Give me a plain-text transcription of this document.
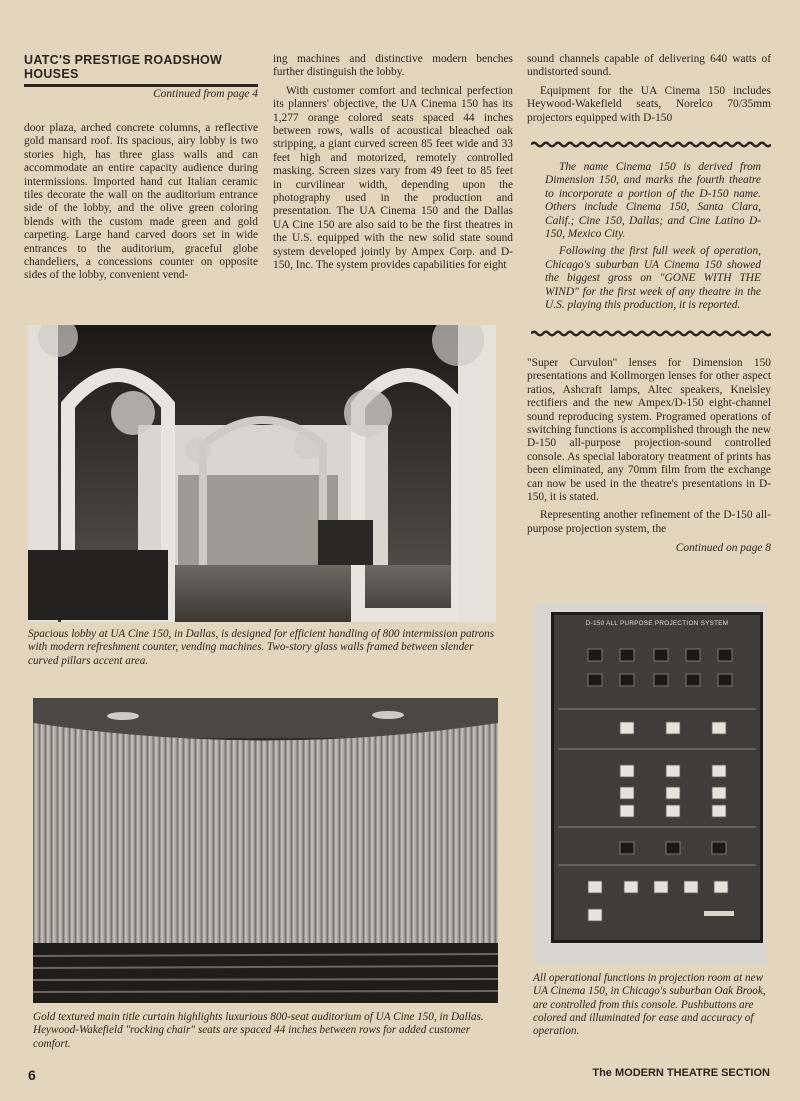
UATC'S PRESTIGE ROADSHOW HOUSES
Continued from page 4

door plaza, arched concrete columns, a reflective gold mansard roof. Its spacious, airy lobby is two stories high, has three glass walls and can accommodate an entire capacity audience during intermissions. Imported hand cut Italian ceramic tiles decorate the wall on the auditorium entrance side of the lobby, and the olive green coloring blends with the custom made green and gold carpeting. Large hand carved doors set in wide entrances to the auditorium, graceful globe chandeliers, a concessions counter on opposite sides of the lobby, convenient vend-

ing machines and distinctive modern benches further distinguish the lobby.

With customer comfort and technical perfection its planners' objective, the UA Cinema 150 has its 1,277 orange colored seats spaced 44 inches between rows, walls of acoustical bleached oak stripping, a giant curved screen 85 feet wide and 33 feet high and motorized, remotely controlled masking. Screen sizes vary from 49 feet to 85 feet in curvilinear width, depending upon the photography used in the production and presentation. The UA Cinema 150 and the Dallas UA Cine 150 are also said to be the first theatres in the U.S. equipped with the new solid state sound system developed jointly by Ampex Corp. and D-150, Inc. The system provides capabilities for eight

sound channels capable of delivering 640 watts of undistorted sound.

Equipment for the UA Cinema 150 includes Heywood-Wakefield seats, Norelco 70/35mm projectors equipped with D-150

The name Cinema 150 is derived from Dimension 150, and marks the fourth theatre to incorporate a portion of the D-150 name. Others include Cinema 150, Santa Clara, Calif.; Cine 150, Dallas; and Cine Latino D-150, Mexico City.

Following the first full week of operation, Chicago's suburban UA Cinema 150 showed the biggest gross on "GONE WITH THE WIND" for the first week of any theatre in the U.S. playing this production, it is reported.

"Super Curvulon" lenses for Dimension 150 presentations and Kollmorgen lenses for other aspect ratios, Ashcraft lamps, Altec speakers, Kneisley rectifiers and the new Ampex/D-150 eight-channel sound reproducing system. Programed operations of switching functions is accomplished through the new D-150 all-purpose projection-sound controlled console. As special laboratory treatment of prints has been eliminated, any 70mm film from the exchange can now be used in the theatre's presentations in D-150, it is stated.

Representing another refinement of the D-150 all-purpose projection system, the

Continued on page 8
Spacious lobby at UA Cine 150, in Dallas, is designed for efficient handling of 800 intermission patrons with modern refreshment counter, vending machines. Two-story glass walls framed between slender curved pillars accent area.
Gold textured main title curtain highlights luxurious 800-seat auditorium of UA Cine 150, in Dallas. Heywood-Wakefield "rocking chair" seats are spaced 44 inches between rows for added customer comfort.
D-150 ALL PURPOSE PROJECTION SYSTEM
All operational functions in projection room at new UA Cinema 150, in Chicago's suburban Oak Brook, are controlled from this console. Pushbuttons are colored and illuminated for ease and accuracy of operation.
6	The MODERN THEATRE SECTION
